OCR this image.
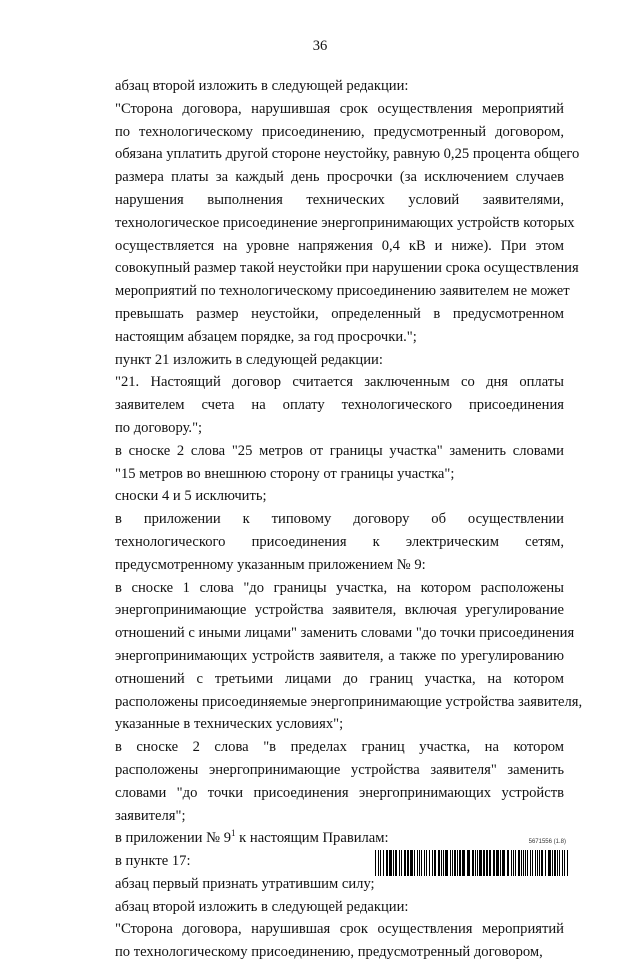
36

абзац второй изложить в следующей редакции:

"Сторона договора, нарушившая срок осуществления мероприятий
по технологическому присоединению, предусмотренный договором,
обязана уплатить другой стороне неустойку, равную 0,25 процента общего
размера платы за каждый день просрочки (за исключением случаев
нарушения выполнения технических условий заявителями,
технологическое присоединение энергопринимающих устройств которых
осуществляется на уровне напряжения 0,4 кВ и ниже). При этом
совокупный размер такой неустойки при нарушении срока осуществления
мероприятий по технологическому присоединению заявителем не может
превышать размер неустойки, определенный в предусмотренном
настоящим абзацем порядке, за год просрочки.";

пункт 21 изложить в следующей редакции:

"21. Настоящий договор считается заключенным со дня оплаты
заявителем счета на оплату технологического присоединения
по договору.";

в сноске 2 слова "25 метров от границы участка" заменить словами
"15 метров во внешнюю сторону от границы участка";

сноски 4 и 5 исключить;

в приложении к типовому договору об осуществлении
технологического присоединения к электрическим сетям,
предусмотренному указанным приложением № 9:

в сноске 1 слова "до границы участка, на котором расположены
энергопринимающие устройства заявителя, включая урегулирование
отношений с иными лицами" заменить словами "до точки присоединения
энергопринимающих устройств заявителя, а также по урегулированию
отношений с третьими лицами до границ участка, на котором
расположены присоединяемые энергопринимающие устройства заявителя,
указанные в технических условиях";

в сноске 2 слова "в пределах границ участка, на котором
расположены энергопринимающие устройства заявителя" заменить
словами "до точки присоединения энергопринимающих устройств
заявителя";

в приложении № $9^1$ к настоящим Правилам:

в пункте 17:

абзац первый признать утратившим силу;

абзац второй изложить в следующей редакции:

"Сторона договора, нарушившая срок осуществления мероприятий
по технологическому присоединению, предусмотренный договором,

5671556 (1.8)
